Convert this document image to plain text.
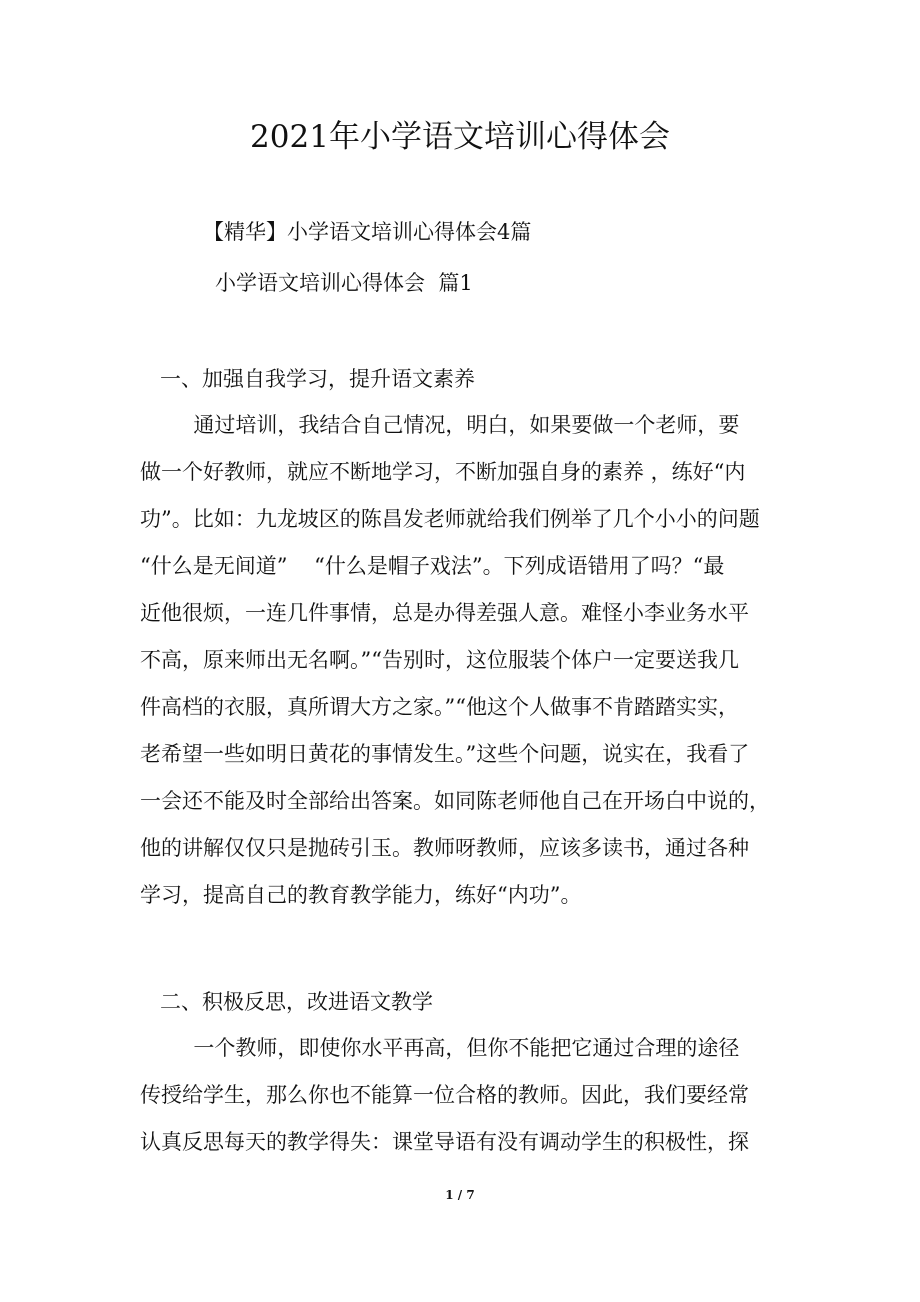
2021年小学语文培训心得体会
【精华】小学语文培训心得体会4篇
小学语文培训心得体会  篇1
一、加强自我学习，提升语文素养
通过培训，我结合自己情况，明白，如果要做一个老师，要
做一个好教师，就应不断地学习，不断加强自身的素养 ，练好“内
功”。比如：九龙坡区的陈昌发老师就给我们例举了几个小小的问题
“什么是无间道”    “什么是帽子戏法”。下列成语错用了吗？“最
近他很烦，一连几件事情，总是办得差强人意。难怪小李业务水平
不高，原来师出无名啊。”“告别时，这位服装个体户一定要送我几
件高档的衣服，真所谓大方之家。”“他这个人做事不肯踏踏实实，
老希望一些如明日黄花的事情发生。”这些个问题，说实在，我看了
一会还不能及时全部给出答案。如同陈老师他自己在开场白中说的，
他的讲解仅仅只是抛砖引玉。教师呀教师，应该多读书，通过各种
学习，提高自己的教育教学能力，练好“内功”。
二、积极反思，改进语文教学
一个教师，即使你水平再高，但你不能把它通过合理的途径
传授给学生，那么你也不能算一位合格的教师。因此，我们要经常
认真反思每天的教学得失：课堂导语有没有调动学生的积极性，探
1 / 7
